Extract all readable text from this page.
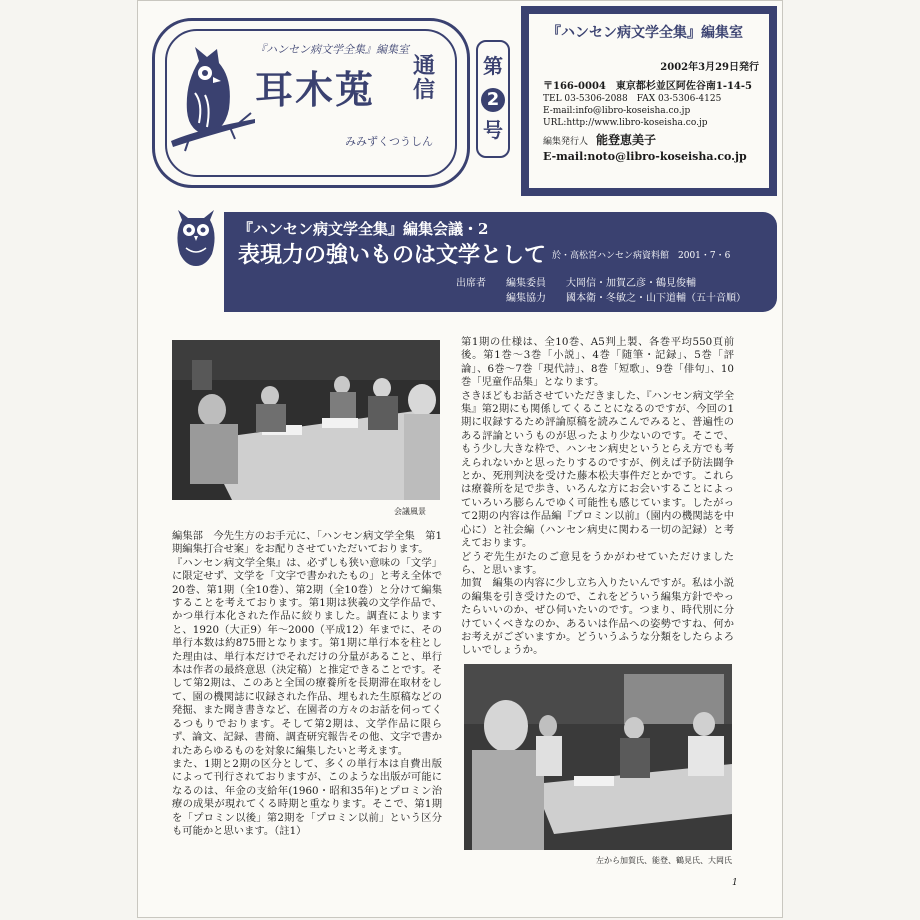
『ハンセン病文学全集』編集室
耳木莵
通信
みみずくつうしん
第
2
号
『ハンセン病文学全集』編集室
2002年3月29日発行
〒166-0004　東京都杉並区阿佐谷南1-14-5
TEL 03-5306-2088　FAX 03-5306-4125
E-mail:info@libro-koseisha.co.jp
URL:http://www.libro-koseisha.co.jp
編集発行人 能登恵美子
E-mail:noto@libro-koseisha.co.jp
『ハンセン病文学全集』編集会議・2
表現力の強いものは文学として 於・高松宮ハンセン病資料館　2001・7・6
出席者 編集委員 大岡信・加賀乙彦・鶴見俊輔
編集協力 國本衛・冬敏之・山下道輔（五十音順）
会議風景

編集部　今先生方のお手元に、「ハンセン病文学全集　第1期編集打合せ案」をお配りさせていただいております。

『ハンセン病文学全集』は、必ずしも狭い意味の「文学」に限定せず、文学を「文字で書かれたもの」と考え全体で20巻、第1期（全10巻）、第2期（全10巻）と分けて編集することを考えております。第1期は狭義の文学作品で、かつ単行本化された作品に絞りました。調査によりますと、1920（大正9）年～2000（平成12）年までに、その単行本数は約875冊となります。第1期に単行本を柱とした理由は、単行本だけでそれだけの分量があること、単行本は作者の最終意思（決定稿）と推定できることです。そして第2期は、このあと全国の療養所を長期滞在取材をして、園の機関誌に収録された作品、埋もれた生原稿などの発掘、また聞き書きなど、在園者の方々のお話を伺ってくるつもりでおります。そして第2期は、文学作品に限らず、論文、記録、書簡、調査研究報告その他、文字で書かれたあらゆるものを対象に編集したいと考えます。

また、1期と2期の区分として、多くの単行本は自費出版によって刊行されておりますが、このような出版が可能になるのは、年金の支給年(1960・昭和35年)とプロミン治療の成果が現れてくる時期と重なります。そこで、第1期を「プロミン以後」第2期を「プロミン以前」という区分も可能かと思います。（註1）

第1期の仕様は、全10巻、A5判上製、各巻平均550頁前後。第1巻～3巻「小説」、4巻「随筆・記録」、5巻「評論」、6巻～7巻「現代詩」、8巻「短歌」、9巻「俳句」、10巻「児童作品集」となります。

さきほどもお話させていただきました、『ハンセン病文学全集』第2期にも関係してくることになるのですが、今回の1期に収録するため評論原稿を読みこんでみると、普遍性のある評論というものが思ったより少ないのです。そこで、もう少し大きな枠で、ハンセン病史というとらえ方でも考えられないかと思ったりするのですが、例えば予防法闘争とか、死刑判決を受けた藤本松夫事件だとかです。これらは療養所を足で歩き、いろんな方にお会いすることによっていろいろ膨らんでゆく可能性も感じています。したがって2期の内容は作品編『プロミン以前』（園内の機関誌を中心に）と社会編（ハンセン病史に関わる一切の記録）と考えております。

どうぞ先生がたのご意見をうかがわせていただけましたら、と思います。

加賀　編集の内容に少し立ち入りたいんですが。私は小説の編集を引き受けたので、これをどういう編集方針でやったらいいのか、ぜひ伺いたいのです。つまり、時代別に分けていくべきなのか、あるいは作品への姿勢ですね、何かお考えがございますか。どういうふうな分類をしたらよろしいでしょうか。

左から加賀氏、能登、鶴見氏、大岡氏
1
